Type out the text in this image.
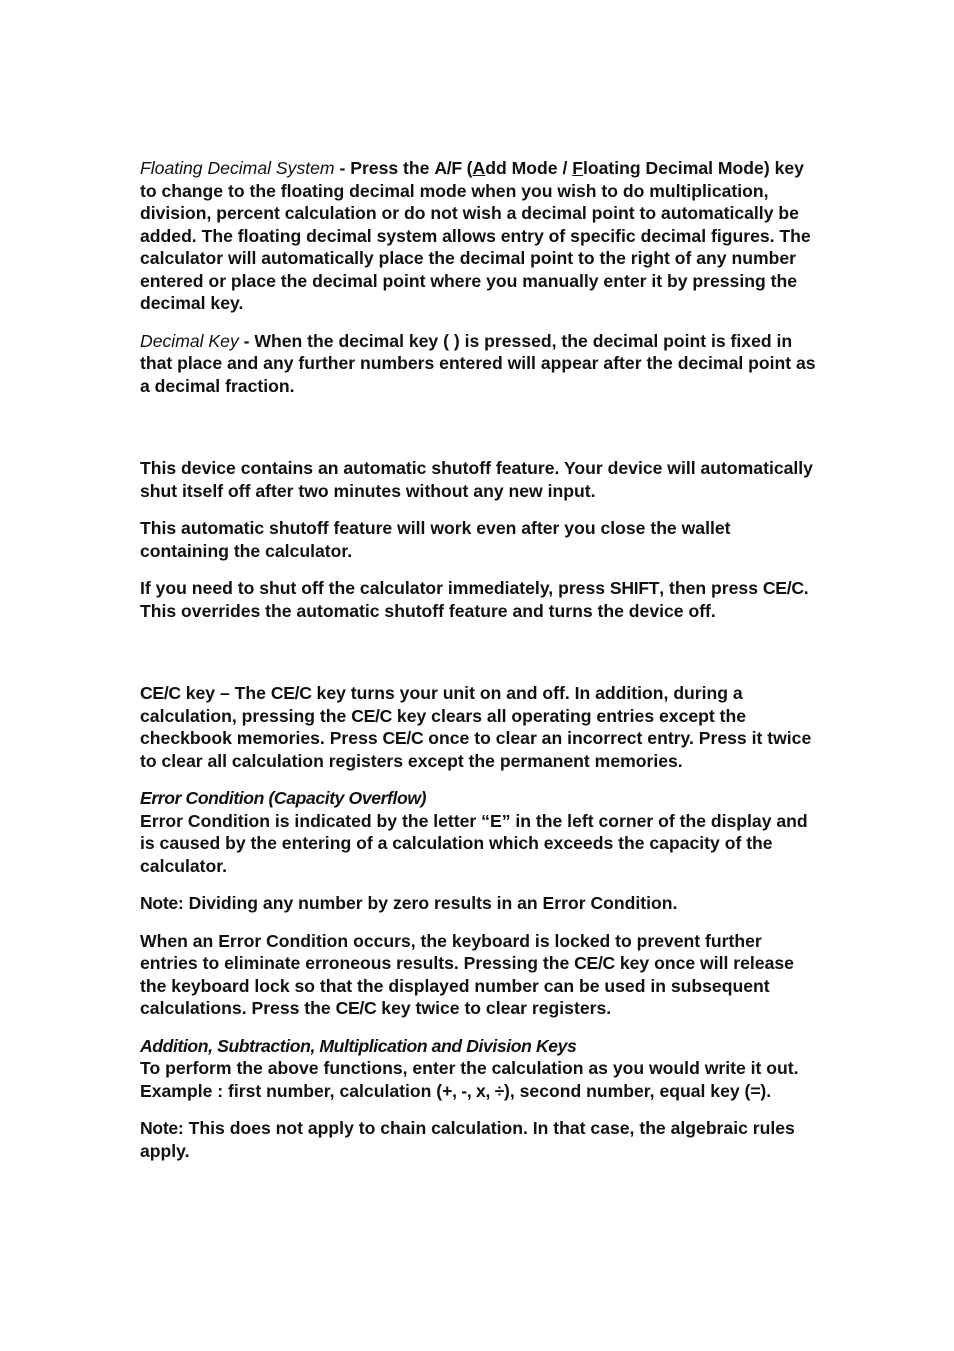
Floating Decimal System - Press the A/F (Add Mode / Floating Decimal Mode) key to change to the floating decimal mode when you wish to do multiplication, division, percent calculation or do not wish a decimal point to automatically be added. The floating decimal system allows entry of specific decimal figures. The calculator will automatically place the decimal point to the right of any number entered or place the decimal point where you manually enter it by pressing the decimal key.

Decimal Key - When the decimal key ( ) is pressed, the decimal point is fixed in that place and any further numbers entered will appear after the decimal point as a decimal fraction.

This device contains an automatic shutoff feature. Your device will automatically shut itself off after two minutes without any new input.

This automatic shutoff feature will work even after you close the wallet containing the calculator.

If you need to shut off the calculator immediately, press SHIFT, then press CE/C. This overrides the automatic shutoff feature and turns the device off.

CE/C key – The CE/C key turns your unit on and off. In addition, during a calculation, pressing the CE/C key clears all operating entries except the checkbook memories. Press CE/C once to clear an incorrect entry. Press it twice to clear all calculation registers except the permanent memories.

Error Condition (Capacity Overflow)
Error Condition is indicated by the letter “E” in the left corner of the display and is caused by the entering of a calculation which exceeds the capacity of the calculator.

Note: Dividing any number by zero results in an Error Condition.

When an Error Condition occurs, the keyboard is locked to prevent further entries to eliminate erroneous results. Pressing the CE/C key once will release the keyboard lock so that the displayed number can be used in subsequent calculations. Press the CE/C key twice to clear registers.

Addition, Subtraction, Multiplication and Division Keys
To perform the above functions, enter the calculation as you would write it out. Example : first number, calculation (+, -, x, ÷), second number, equal key (=).

Note: This does not apply to chain calculation. In that case, the algebraic rules apply.
